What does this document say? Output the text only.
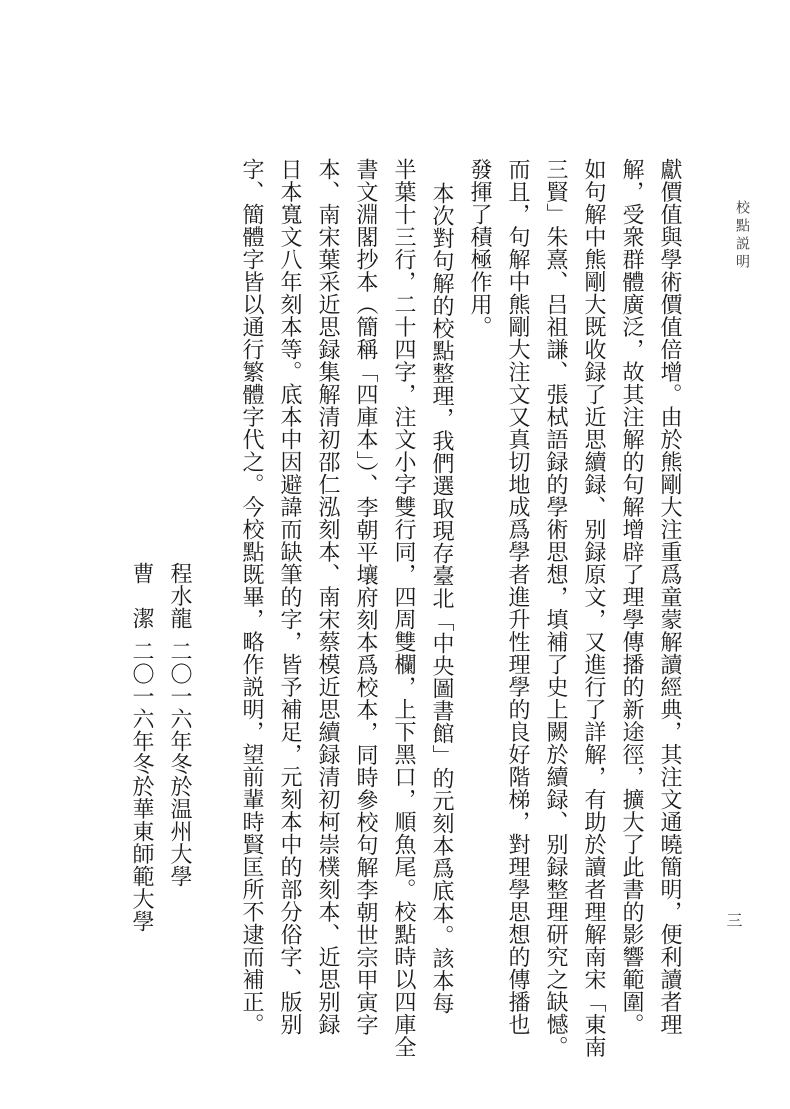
校點説明
獻價值與學術價值倍增。由於熊剛大注重爲童蒙解讀經典，其注文通曉簡明，便利讀者理
解，受衆群體廣泛，故其注解的句解增辟了理學傳播的新途徑，擴大了此書的影響範圍。
如句解中熊剛大既收録了近思續録、别録原文，又進行了詳解，有助於讀者理解南宋「東南
三賢」朱熹、吕祖謙、張栻語録的學術思想，填補了史上闕於續録、别録整理研究之缺憾。
而且，句解中熊剛大注文又真切地成爲學者進升性理學的良好階梯，對理學思想的傳播也
發揮了積極作用。
本次對句解的校點整理，我們選取現存臺北「中央圖書館」的元刻本爲底本。該本每
半葉十三行，二十四字，注文小字雙行同，四周雙欄，上下黑口，順魚尾。校點時以四庫全
書文淵閣抄本（簡稱「四庫本」）、李朝平壤府刻本爲校本，同時參校句解李朝世宗甲寅字
本、南宋葉采近思録集解清初邵仁泓刻本、南宋蔡模近思續録清初柯崇樸刻本、近思别録
日本寬文八年刻本等。底本中因避諱而缺筆的字，皆予補足，元刻本中的部分俗字、版别
字、簡體字皆以通行繁體字代之。今校點既畢，略作説明，望前輩時賢匡所不逮而補正。
程水龍
二〇一六年冬於温州大學
曹　潔
二〇一六年冬於華東師範大學	三
